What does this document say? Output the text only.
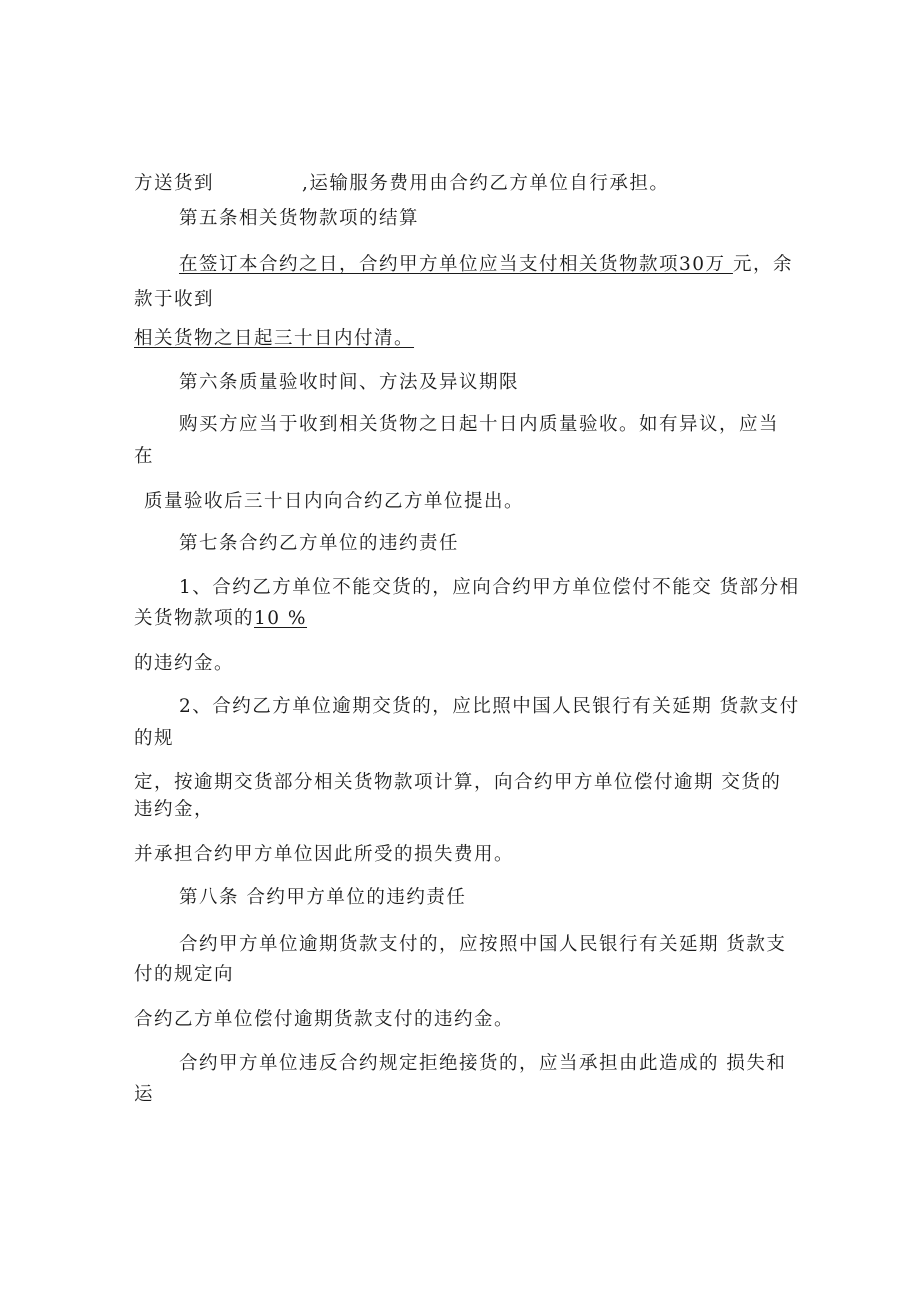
方送货到	,运输服务费用由合约乙方单位自行承担。
第五条相关货物款项的结算
在签订本合约之日，合约甲方单位应当支付相关货物款项30万 元，余
款于收到
相关货物之日起三十日内付清。
第六条质量验收时间、方法及异议期限
购买方应当于收到相关货物之日起十日内质量验收。如有异议，应当
在
质量验收后三十日内向合约乙方单位提出。
第七条合约乙方单位的违约责任
1、合约乙方单位不能交货的，应向合约甲方单位偿付不能交 货部分相
关货物款项的10 %
的违约金。
2、合约乙方单位逾期交货的，应比照中国人民银行有关延期 货款支付
的规
定，按逾期交货部分相关货物款项计算，向合约甲方单位偿付逾期 交货的
违约金，
并承担合约甲方单位因此所受的损失费用。
第八条 合约甲方单位的违约责任
合约甲方单位逾期货款支付的，应按照中国人民银行有关延期 货款支
付的规定向
合约乙方单位偿付逾期货款支付的违约金。
合约甲方单位违反合约规定拒绝接货的，应当承担由此造成的 损失和
运
